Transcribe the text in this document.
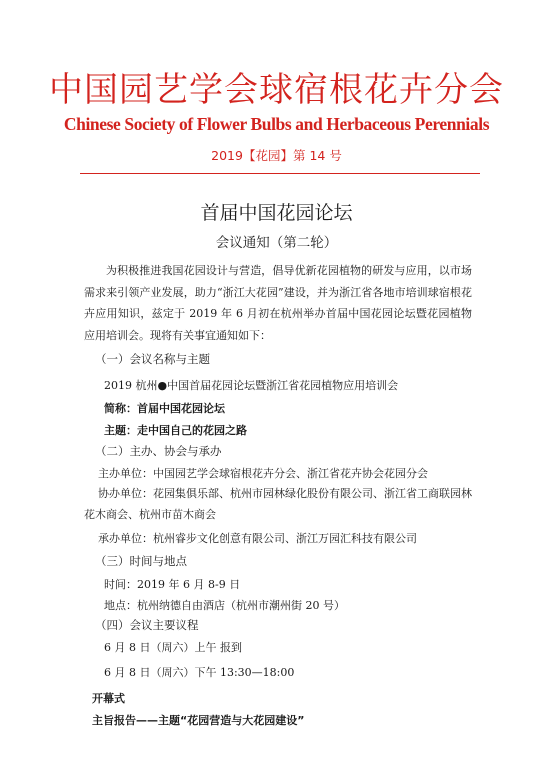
中国园艺学会球宿根花卉分会
Chinese Society of Flower Bulbs and Herbaceous Perennials
2019【花园】第 14 号
首届中国花园论坛
会议通知（第二轮）

为积极推进我国花园设计与营造，倡导优新花园植物的研发与应用，以市场需求来引领产业发展，助力“浙江大花园”建设，并为浙江省各地市培训球宿根花卉应用知识，兹定于 2019 年 6 月初在杭州举办首届中国花园论坛暨花园植物应用培训会。现将有关事宜通知如下：

（一）会议名称与主题
2019 杭州●中国首届花园论坛暨浙江省花园植物应用培训会
简称：首届中国花园论坛
主题：走中国自己的花园之路
（二）主办、协会与承办
主办单位：中国园艺学会球宿根花卉分会、浙江省花卉协会花园分会

协办单位：花园集俱乐部、杭州市园林绿化股份有限公司、浙江省工商联园林花木商会、杭州市苗木商会

承办单位：杭州睿步文化创意有限公司、浙江万园汇科技有限公司
（三）时间与地点
时间：2019 年 6 月 8-9 日
地点：杭州纳德自由酒店（杭州市潮州街 20 号）
（四）会议主要议程
6 月 8 日（周六）上午 报到
6 月 8 日（周六）下午 13:30—18:00
开幕式
主旨报告——主题“花园营造与大花园建设”
